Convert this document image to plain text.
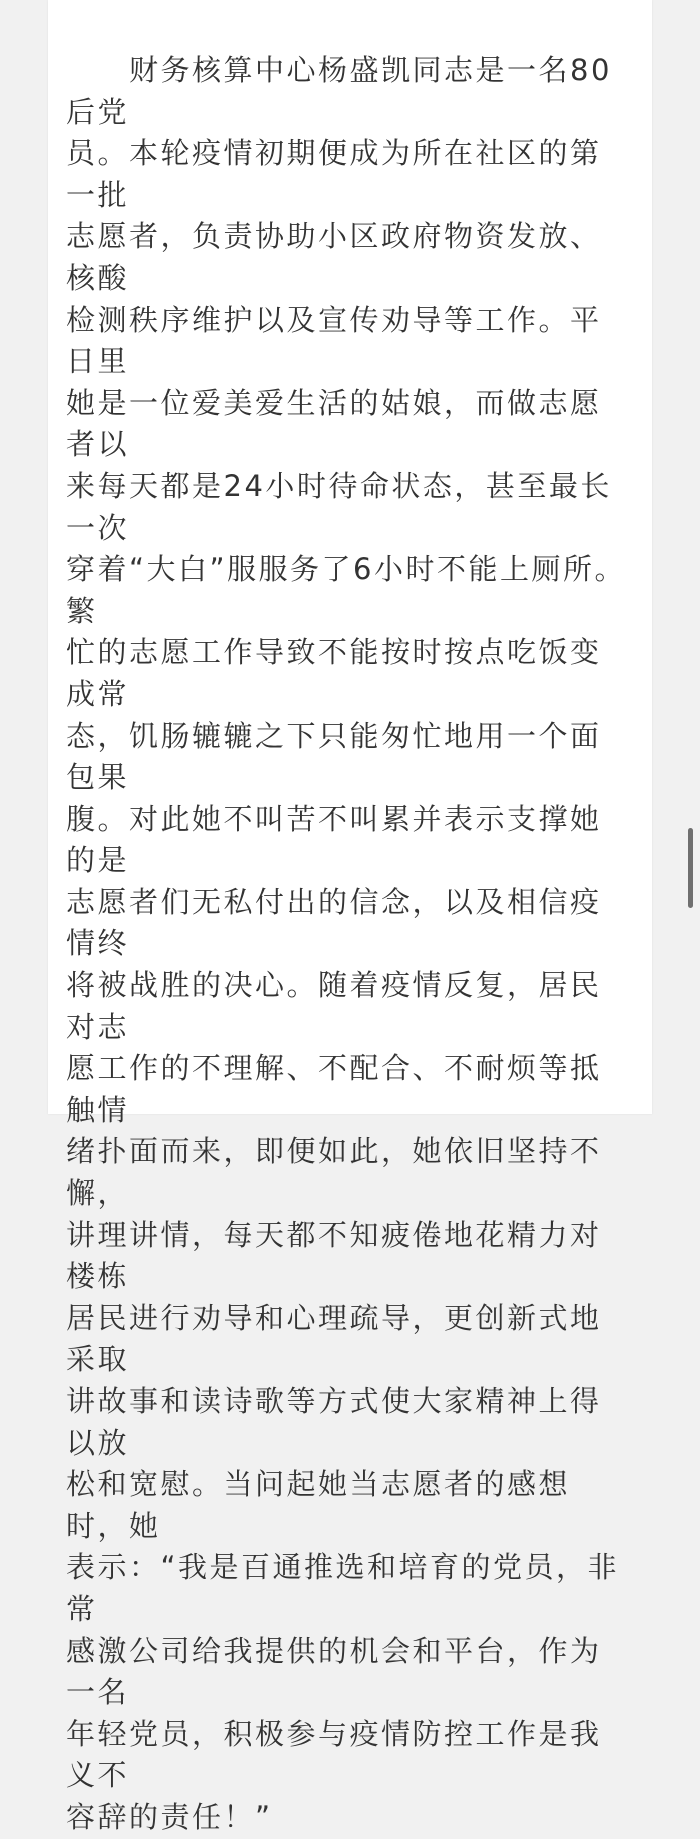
　　财务核算中心杨盛凯同志是一名80后党
员。本轮疫情初期便成为所在社区的第一批
志愿者，负责协助小区政府物资发放、核酸
检测秩序维护以及宣传劝导等工作。平日里
她是一位爱美爱生活的姑娘，而做志愿者以
来每天都是24小时待命状态，甚至最长一次
穿着“大白”服服务了6小时不能上厕所。繁
忙的志愿工作导致不能按时按点吃饭变成常
态，饥肠辘辘之下只能匆忙地用一个面包果
腹。对此她不叫苦不叫累并表示支撑她的是
志愿者们无私付出的信念，以及相信疫情终
将被战胜的决心。随着疫情反复，居民对志
愿工作的不理解、不配合、不耐烦等抵触情
绪扑面而来，即便如此，她依旧坚持不懈，
讲理讲情，每天都不知疲倦地花精力对楼栋
居民进行劝导和心理疏导，更创新式地采取
讲故事和读诗歌等方式使大家精神上得以放
松和宽慰。当问起她当志愿者的感想时，她
表示：“我是百通推选和培育的党员，非常
感激公司给我提供的机会和平台，作为一名
年轻党员，积极参与疫情防控工作是我义不
容辞的责任！”
